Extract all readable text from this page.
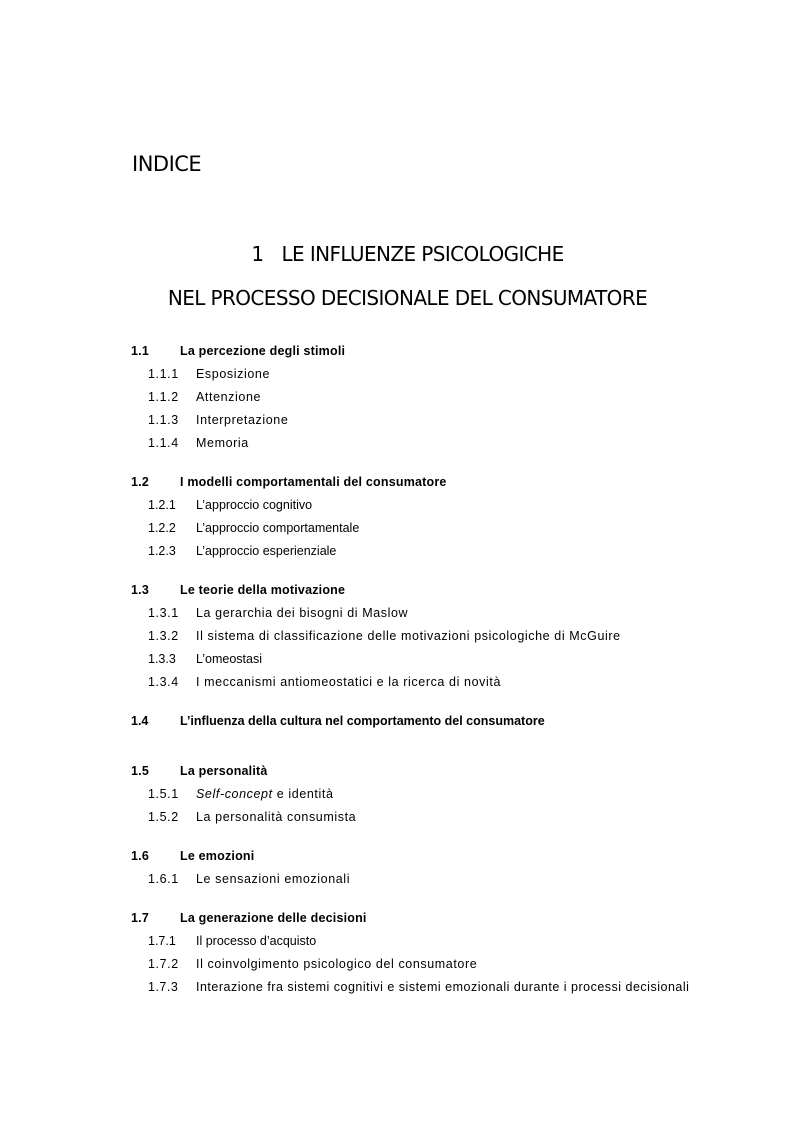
INDICE
1 LE INFLUENZE PSICOLOGICHE
NEL PROCESSO DECISIONALE DEL CONSUMATORE
1.1 La percezione degli stimoli
1.1.1 Esposizione
1.1.2 Attenzione
1.1.3 Interpretazione
1.1.4 Memoria
1.2 I modelli comportamentali del consumatore
1.2.1 L’approccio cognitivo
1.2.2 L’approccio comportamentale
1.2.3 L’approccio esperienziale
1.3 Le teorie della motivazione
1.3.1 La gerarchia dei bisogni di Maslow
1.3.2 Il sistema di classificazione delle motivazioni psicologiche di McGuire
1.3.3 L’omeostasi
1.3.4 I meccanismi antiomeostatici e la ricerca di novità
1.4	L’influenza della cultura nel comportamento del consumatore
1.5 La personalità
1.5.1 Self-concept e identità
1.5.2 La personalità consumista
1.6 Le emozioni
1.6.1 Le sensazioni emozionali
1.7 La generazione delle decisioni
1.7.1 Il processo d’acquisto
1.7.2 Il coinvolgimento psicologico del consumatore
1.7.3 Interazione fra sistemi cognitivi e sistemi emozionali durante i processi decisionali
